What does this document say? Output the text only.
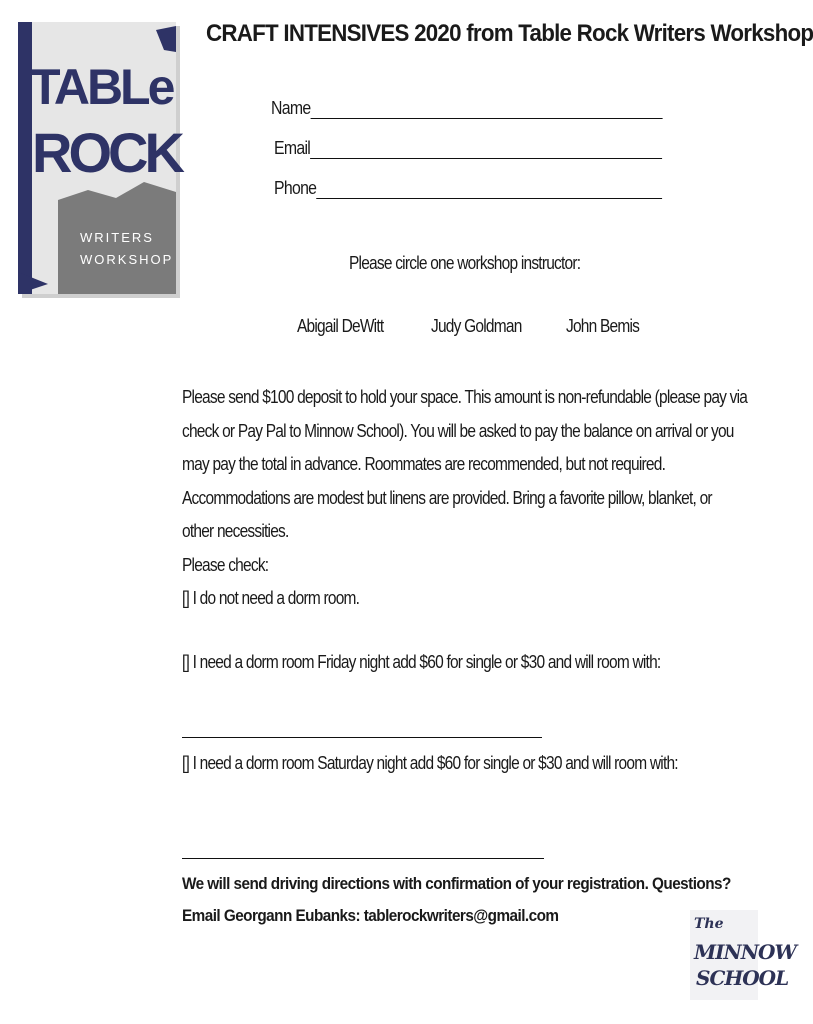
TABLe
ROCK
WRITERS
WORKSHOP
CRAFT INTENSIVES 2020 from Table Rock Writers Workshop
Name
Email
Phone
Please circle one workshop instructor:
Abigail DeWitt	Judy Goldman John Bemis
Please send $100 deposit to hold your space. This amount is non-refundable (please pay via
check or Pay Pal to Minnow School). You will be asked to pay the balance on arrival or you
may pay the total in advance. Roommates are recommended, but not required.
Accommodations are modest but linens are provided. Bring a favorite pillow, blanket, or
other necessities.
Please check:
[] I do not need a dorm room.
[] I need a dorm room Friday night add $60 for single or $30 and will room with:
[] I need a dorm room Saturday night add $60 for single or $30 and will room with:
We will send driving directions with confirmation of your registration. Questions?
Email Georgann Eubanks: tablerockwriters@gmail.com	The
MINNOW
SCHOOL
